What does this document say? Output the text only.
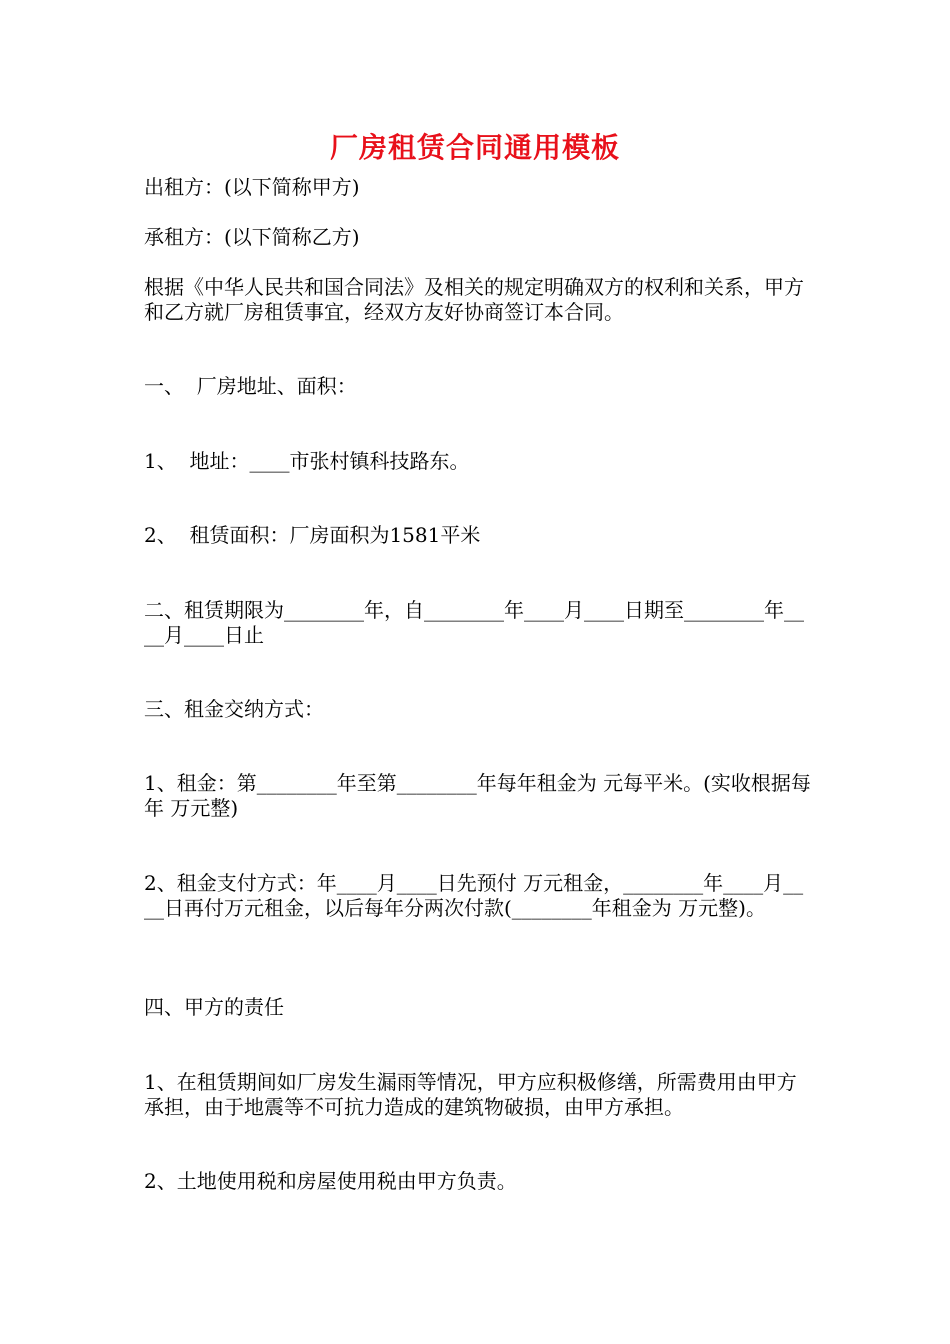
厂房租赁合同通用模板

出租方：(以下简称甲方)

承租方：(以下简称乙方)

根据《中华人民共和国合同法》及相关的规定明确双方的权利和关系，甲方和乙方就厂房租赁事宜，经双方友好协商签订本合同。

一、  厂房地址、面积：

1、  地址：____市张村镇科技路东。

2、  租赁面积：厂房面积为1581平米

二、租赁期限为________年，自________年____月____日期至________年____月____日止

三、租金交纳方式：

1、租金：第________年至第________年每年租金为 元每平米。(实收根据每年 万元整)

2、租金支付方式：年____月____日先预付 万元租金，________年____月____日再付万元租金，以后每年分两次付款(________年租金为 万元整)。

四、甲方的责任

1、在租赁期间如厂房发生漏雨等情况，甲方应积极修缮，所需费用由甲方承担，由于地震等不可抗力造成的建筑物破损，由甲方承担。

2、土地使用税和房屋使用税由甲方负责。
